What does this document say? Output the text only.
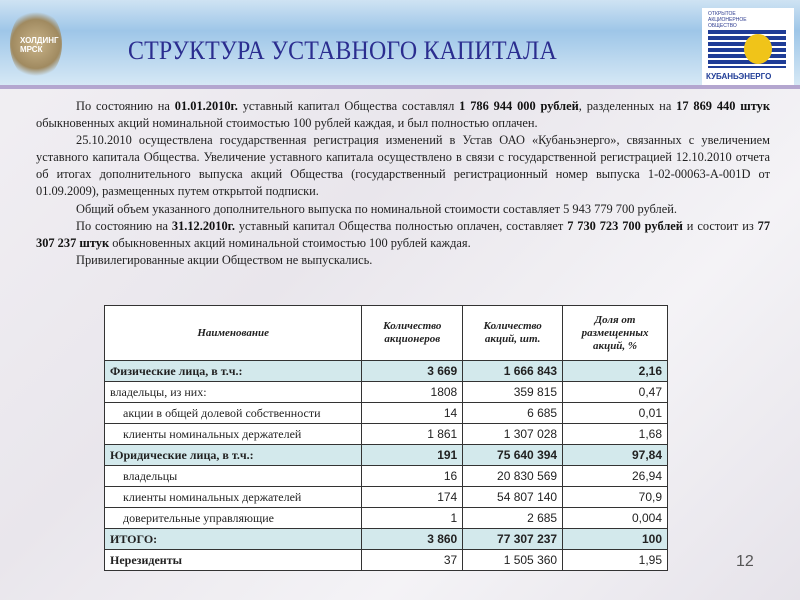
ХОЛДИНГ МРСК	СТРУКТУРА УСТАВНОГО КАПИТАЛА
ОТКРЫТОЕ АКЦИОНЕРНОЕ ОБЩЕСТВО
КУБАНЬЭНЕРГО

По состоянию на 01.01.2010г. уставный капитал Общества составлял 1 786 944 000 рублей, разделенных на 17 869 440 штук обыкновенных акций номинальной стоимостью 100 рублей каждая, и был полностью оплачен.

25.10.2010 осуществлена государственная регистрация изменений в Устав ОАО «Кубаньэнерго», связанных с увеличением уставного капитала Общества. Увеличение уставного капитала осуществлено в связи с государственной регистрацией 12.10.2010 отчета об итогах дополнительного выпуска акций Общества (государственный регистрационный номер выпуска 1-02-00063-А-001D от 01.09.2009), размещенных путем открытой подписки.

Общий объем указанного дополнительного выпуска по номинальной стоимости составляет 5 943 779 700 рублей.

По состоянию на 31.12.2010г. уставный капитал Общества полностью оплачен, составляет 7 730 723 700 рублей и состоит из 77 307 237 штук обыкновенных акций номинальной стоимостью 100 рублей каждая.

Привилегированные акции Обществом не выпускались.

Наименование	Количество акционеров	Количество акций, шт.	Доля от размещенных акций, %
Физические лица, в т.ч.:	3 669	1 666 843	2,16
владельцы, из них:	1808	359 815	0,47
акции в общей долевой собственности	14	6 685	0,01
клиенты номинальных держателей	1 861	1 307 028	1,68
Юридические лица, в т.ч.:	191	75 640 394	97,84
владельцы	16	20 830 569	26,94
клиенты номинальных держателей	174	54 807 140	70,9
доверительные управляющие	1	2 685	0,004
ИТОГО:	3 860	77 307 237	100
Нерезиденты	37	1 505 360	1,95	12
